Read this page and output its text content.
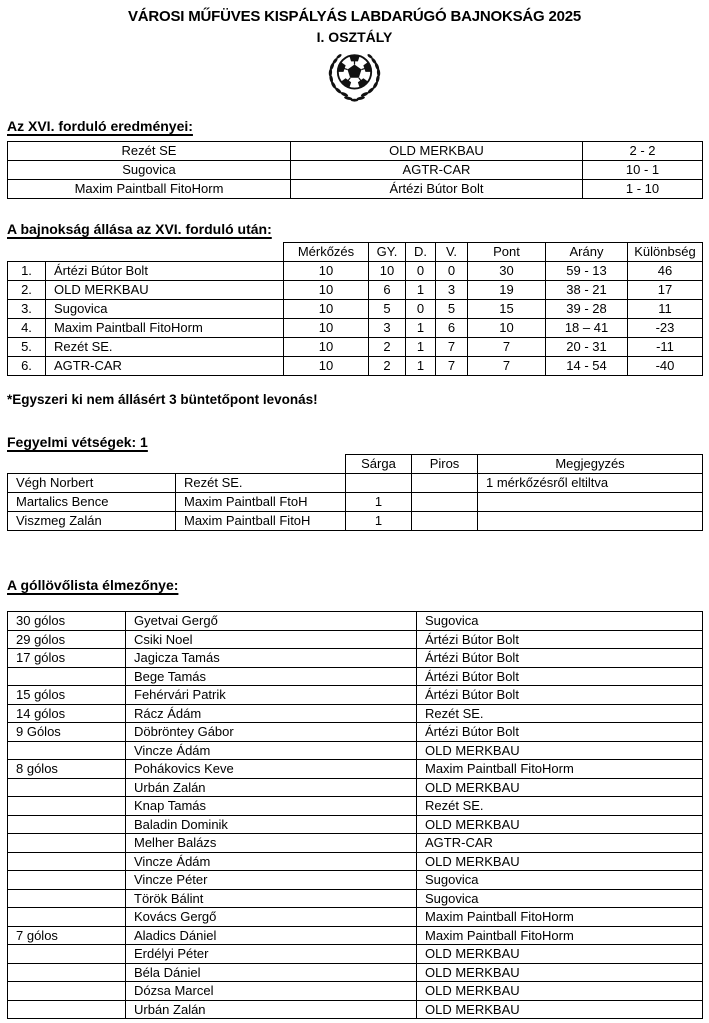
VÁROSI MŰFÜVES KISPÁLYÁS LABDARÚGÓ BAJNOKSÁG 2025
I. OSZTÁLY
Az XVI. forduló eredményei:
Rezét SE	OLD MERKBAU	2 - 2
Sugovica	AGTR-CAR	10 - 1
Maxim Paintball FitoHorm	Ártézi Bútor Bolt	1 - 10
A bajnokság állása az XVI. forduló után:
		Mérkőzés	GY.	D.	V.	Pont	Arány	Különbség
1.	Ártézi Bútor Bolt	10	10	0	0	30	59 - 13	46
2.	OLD MERKBAU	10	6	1	3	19	38 - 21	17
3.	Sugovica	10	5	0	5	15	39 - 28	11
4.	Maxim Paintball FitoHorm	10	3	1	6	10	18 – 41	-23
5.	Rezét SE.	10	2	1	7	7	20 - 31	-11
6.	AGTR-CAR	10	2	1	7	7	14 - 54	-40
*Egyszeri ki nem állásért 3 büntetőpont levonás!
Fegyelmi vétségek: 1
		Sárga	Piros	Megjegyzés
Végh Norbert	Rezét SE.			1 mérkőzésről eltiltva
Martalics Bence	Maxim Paintball FtoH	1		
Viszmeg Zalán	Maxim Paintball FitoH	1		
A góllövőlista élmezőnye:
30 gólos	Gyetvai Gergő	Sugovica
29 gólos	Csiki Noel	Ártézi Bútor Bolt
17 gólos	Jagicza Tamás	Ártézi Bútor Bolt
	Bege Tamás	Ártézi Bútor Bolt
15 gólos	Fehérvári Patrik	Ártézi Bútor Bolt
14 gólos	Rácz Ádám	Rezét SE.
9 Gólos	Döbröntey Gábor	Ártézi Bútor Bolt
	Vincze Ádám	OLD MERKBAU
8 gólos	Pohákovics Keve	Maxim Paintball FitoHorm
	Urbán Zalán	OLD MERKBAU
	Knap Tamás	Rezét SE.
	Baladin Dominik	OLD MERKBAU
	Melher Balázs	AGTR-CAR
	Vincze Ádám	OLD MERKBAU
	Vincze Péter	Sugovica
	Török Bálint	Sugovica
	Kovács Gergő	Maxim Paintball FitoHorm
7 gólos	Aladics Dániel	Maxim Paintball FitoHorm
	Erdélyi Péter	OLD MERKBAU
	Béla Dániel	OLD MERKBAU
	Dózsa Marcel	OLD MERKBAU
	Urbán Zalán	OLD MERKBAU
